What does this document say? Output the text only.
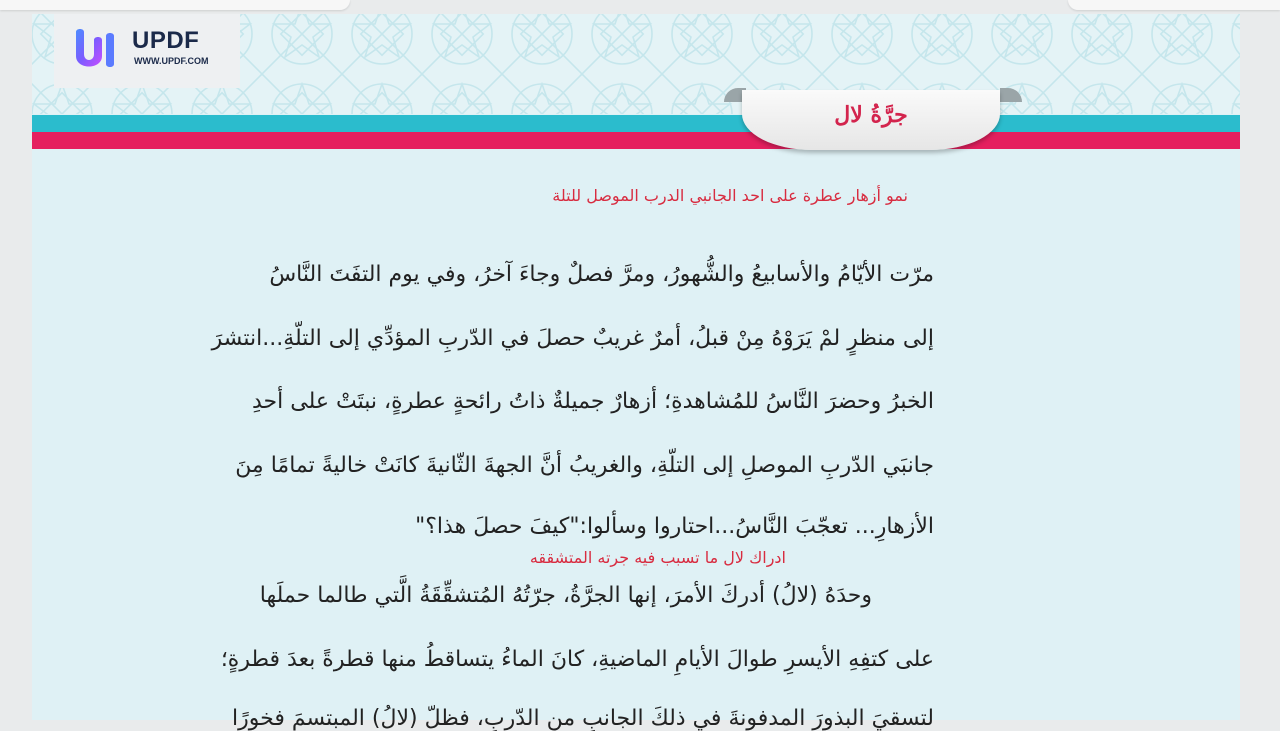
جرَّةُ لال
UPDF
WWW.UPDF.COM
نمو أزهار عطرة على احد الجانبي الدرب الموصل للتلة
مرّت الأيّامُ والأسابيعُ والشُّهورُ، ومرَّ فصلٌ وجاءَ آخرُ، وفي يوم التفَتَ النَّاسُ
إلى منظرٍ لمْ يَرَوْهُ مِنْ قبلُ، أمرٌ غريبٌ حصلَ في الدّربِ المؤدِّي إلى التلّةِ...انتشرَ
الخبرُ وحضرَ النَّاسُ للمُشاهدةِ؛ أزهارٌ جميلةٌ ذاتُ رائحةٍ عطرةٍ، نبتَتْ على أحدِ
جانبَي الدّربِ الموصلِ إلى التلّةِ، والغريبُ أنَّ الجهةَ الثّانيةَ كانَتْ خاليةً تمامًا مِنَ
الأزهارِ... تعجّبَ النَّاسُ...احتاروا وسألوا:"كيفَ حصلَ هذا؟"
ادراك لال ما تسبب فيه جرته المتشققه
وحدَهُ (لالُ) أدركَ الأمرَ، إنها الجرَّةُ، جرّتُهُ المُتشقِّقَةُ الَّتي طالما حملَها
على كتفِهِ الأيسرِ طوالَ الأيامِ الماضيةِ، كانَ الماءُ يتساقطُ منها قطرةً بعدَ قطرةٍ؛
لتسقيَ البذورَ المدفونةَ في ذلكَ الجانبِ من الدّربِ، فظلّ (لالُ) المبتسمَ فخورًا
